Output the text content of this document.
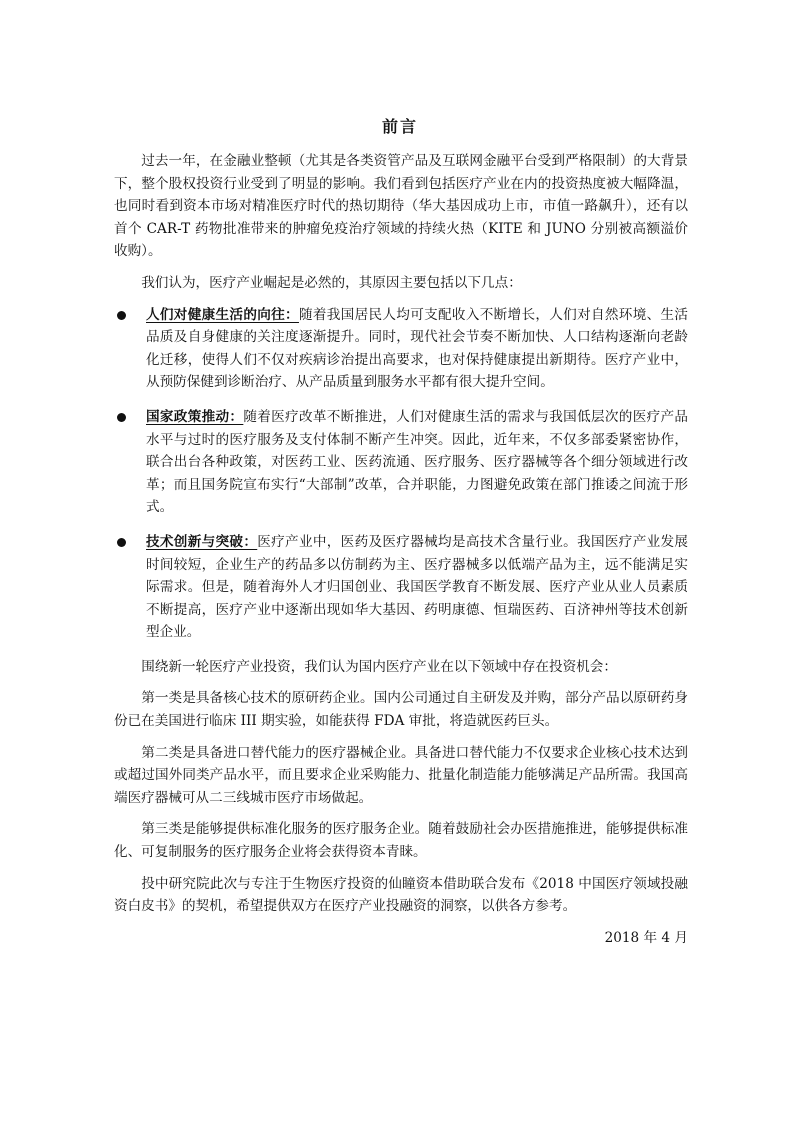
前言

过去一年，在金融业整顿（尤其是各类资管产品及互联网金融平台受到严格限制）的大背景下，整个股权投资行业受到了明显的影响。我们看到包括医疗产业在内的投资热度被大幅降温，也同时看到资本市场对精准医疗时代的热切期待（华大基因成功上市，市值一路飙升），还有以首个 CAR-T 药物批准带来的肿瘤免疫治疗领域的持续火热（KITE 和 JUNO 分别被高额溢价收购）。

我们认为，医疗产业崛起是必然的，其原因主要包括以下几点：

人们对健康生活的向往：随着我国居民人均可支配收入不断增长，人们对自然环境、生活品质及自身健康的关注度逐渐提升。同时，现代社会节奏不断加快、人口结构逐渐向老龄化迁移，使得人们不仅对疾病诊治提出高要求，也对保持健康提出新期待。医疗产业中，从预防保健到诊断治疗、从产品质量到服务水平都有很大提升空间。
国家政策推动：随着医疗改革不断推进，人们对健康生活的需求与我国低层次的医疗产品水平与过时的医疗服务及支付体制不断产生冲突。因此，近年来，不仅多部委紧密协作，联合出台各种政策，对医药工业、医药流通、医疗服务、医疗器械等各个细分领域进行改革；而且国务院宣布实行“大部制”改革，合并职能，力图避免政策在部门推诿之间流于形式。
技术创新与突破：医疗产业中，医药及医疗器械均是高技术含量行业。我国医疗产业发展时间较短，企业生产的药品多以仿制药为主、医疗器械多以低端产品为主，远不能满足实际需求。但是，随着海外人才归国创业、我国医学教育不断发展、医疗产业从业人员素质不断提高，医疗产业中逐渐出现如华大基因、药明康德、恒瑞医药、百济神州等技术创新型企业。

围绕新一轮医疗产业投资，我们认为国内医疗产业在以下领域中存在投资机会：

第一类是具备核心技术的原研药企业。国内公司通过自主研发及并购，部分产品以原研药身份已在美国进行临床 III 期实验，如能获得 FDA 审批，将造就医药巨头。

第二类是具备进口替代能力的医疗器械企业。具备进口替代能力不仅要求企业核心技术达到或超过国外同类产品水平，而且要求企业采购能力、批量化制造能力能够满足产品所需。我国高端医疗器械可从二三线城市医疗市场做起。

第三类是能够提供标准化服务的医疗服务企业。随着鼓励社会办医措施推进，能够提供标准化、可复制服务的医疗服务企业将会获得资本青睐。

投中研究院此次与专注于生物医疗投资的仙瞳资本借助联合发布《2018 中国医疗领域投融资白皮书》的契机，希望提供双方在医疗产业投融资的洞察，以供各方参考。

2018 年 4 月
